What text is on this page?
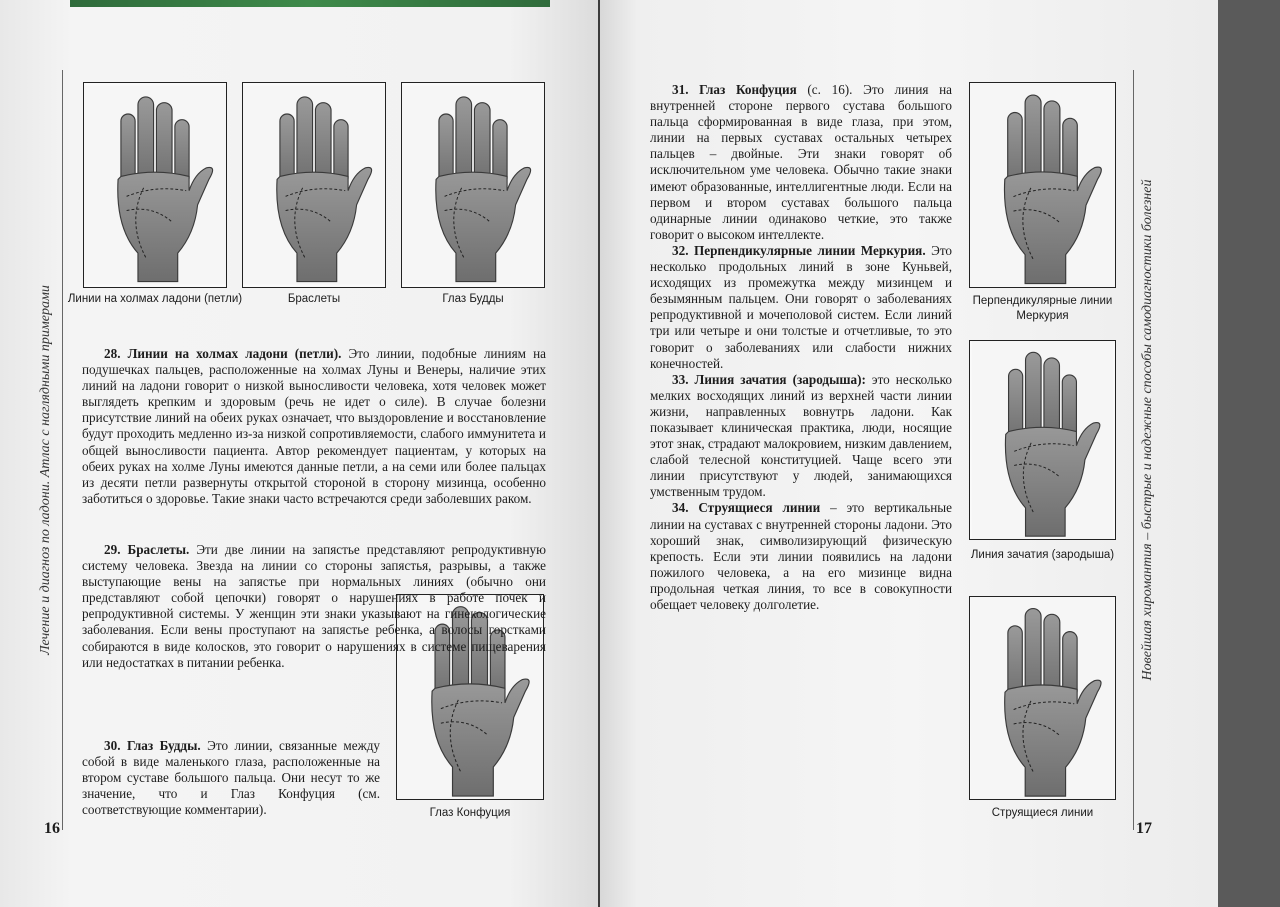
Лечение и диагноз по ладони. Атлас с наглядными примерами	Новейшая хиромантия – быстрые и надежные способы самодиагностики болезней
Линии на холмах ладони (петли)	Браслеты	Глаз Будды
Глаз Конфуция

28. Линии на холмах ладони (петли). Это линии, подобные линиям на подушечках пальцев, расположенные на холмах Луны и Венеры, наличие этих линий на ладони говорит о низкой выносливости человека, хотя человек может выглядеть крепким и здоровым (речь не идет о силе). В случае болезни присутствие линий на обеих руках означает, что выздоровление и восстановление будут проходить медленно из-за низкой сопротивляемости, слабого иммунитета и общей выносливости пациента. Автор рекомендует пациентам, у которых на обеих руках на холме Луны имеются данные петли, а на семи или более пальцах из десяти петли развернуты открытой стороной в сторону мизинца, особенно заботиться о здоровье. Такие знаки часто встречаются среди заболевших раком.

29. Браслеты. Эти две линии на запястье представляют репродуктивную систему человека. Звезда на линии со стороны запястья, разрывы, а также выступающие вены на запястье при нормальных линиях (обычно они представляют собой цепочки) говорят о нарушениях в работе почек и репродуктивной системы. У женщин эти знаки указывают на гинекологические заболевания. Если вены проступают на запястье ребенка, а волосы горстками собираются в виде колосков, это говорит о нарушениях в системе пищеварения или недостатках в питании ребенка.

30. Глаз Будды. Это линии, связанные между собой в виде маленького глаза, расположенные на втором суставе большого пальца. Они несут то же значение, что и Глаз Конфуция (см. соответствующие комментарии).

16
Перпендикулярные линии Меркурия
Линия зачатия (зародыша)
Струящиеся линии

31. Глаз Конфуция (с. 16). Это линия на внутренней стороне первого сустава большого пальца сформированная в виде глаза, при этом, линии на первых суставах остальных четырех пальцев – двойные. Эти знаки говорят об исключительном уме человека. Обычно такие знаки имеют образованные, интеллигентные люди. Если на первом и втором суставах большого пальца одинарные линии одинаково четкие, это также говорит о высоком интеллекте.

32. Перпендикулярные линии Меркурия. Это несколько продольных линий в зоне Куньвей, исходящих из промежутка между мизинцем и безымянным пальцем. Они говорят о заболеваниях репродуктивной и мочеполовой систем. Если линий три или четыре и они толстые и отчетливые, то это говорит о заболеваниях или слабости нижних конечностей.

33. Линия зачатия (зародыша): это несколько мелких восходящих линий из верхней части линии жизни, направленных вовнутрь ладони. Как показывает клиническая практика, люди, носящие этот знак, страдают малокровием, низким давлением, слабой телесной конституцией. Чаще всего эти линии присутствуют у людей, занимающихся умственным трудом.

34. Струящиеся линии – это вертикальные линии на суставах с внутренней стороны ладони. Это хороший знак, символизирующий физическую крепость. Если эти линии появились на ладони пожилого человека, а на его мизинце видна продольная четкая линия, то все в совокупности обещает человеку долголетие.

17
